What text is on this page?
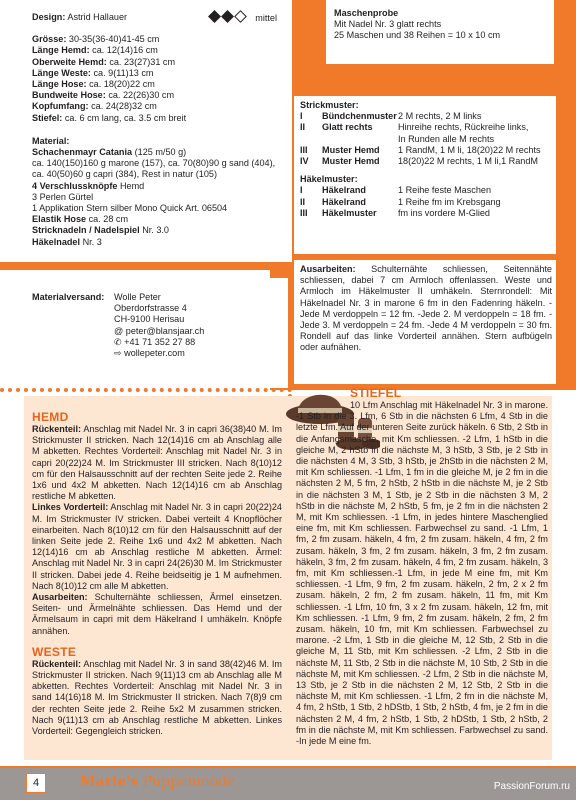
Design: Astrid Hallauer	mittel
Grösse: 30-35(36-40)41-45 cm
Länge Hemd: ca. 12(14)16 cm
Oberweite Hemd: ca. 23(27)31 cm
Länge Weste: ca. 9(11)13 cm
Länge Hose: ca. 18(20)22 cm
Bundweite Hose: ca. 22(26)30 cm
Kopfumfang: ca. 24(28)32 cm
Stiefel: ca. 6 cm lang, ca. 3.5 cm breit
Material:
Schachenmayr Catania (125 m/50 g)
ca. 140(150)160 g marone (157), ca. 70(80)90 g sand (404),
ca. 40(50)60 g capri (384), Rest in natur (105)
4 Verschlussknöpfe Hemd
3 Perlen Gürtel
1 Applikation Stern silber Mono Quick Art. 06504
Elastik Hose ca. 28 cm
Stricknadeln / Nadelspiel Nr. 3.0
Häkelnadel Nr. 3
Maschenprobe
Mit Nadel Nr. 3 glatt rechts
25 Maschen und 38 Reihen = 10 x 10 cm
Strickmuster:
I	Bündchenmuster	2 M rechts, 2 M links
II	Glatt rechts	Hinreihe rechts, Rückreihe links,
		In Runden alle M rechts
III	Muster Hemd	1 RandM, 1 M li, 18(20)22 M rechts
IV	Muster Hemd	18(20)22 M rechts, 1 M li,1 RandM
Häkelmuster:
I	Häkelrand	1 Reihe feste Maschen
II	Häkelrand	1 Reihe fm im Krebsgang
III	Häkelmuster	fm ins vordere M-Glied
Materialversand:	Wolle Peter
Oberdorfstrasse 4
CH-9100 Herisau
@ peter@blansjaar.ch
✆ +41 71 352 27 88
⇨ wollepeter.com

Ausarbeiten: Schulternähte schliessen, Seitennähte schliessen, dabei 7 cm Armloch offenlassen. Weste und Armloch im Häkelmuster II umhäkeln. Sternrondell: Mit Häkelnadel Nr. 3 in marone 6 fm in den Fadenring häkeln. -Jede M verdoppeln = 12 fm. -Jede 2. M verdoppeln = 18 fm. -Jede 3. M verdoppeln = 24 fm. -Jede 4 M verdoppeln = 30 fm. Rondell auf das linke Vorderteil annähen. Stern aufbügeln oder aufnähen.

HEMD

Rückenteil: Anschlag mit Nadel Nr. 3 in capri 36(38)40 M. Im Strickmuster II stricken. Nach 12(14)16 cm ab Anschlag alle M abketten. Rechtes Vorderteil: Anschlag mit Nadel Nr. 3 in capri 20(22)24 M. Im Strickmuster III stricken. Nach 8(10)12 cm für den Halsausschnitt auf der rechten Seite jede 2. Reihe 1x6 und 4x2 M abketten. Nach 12(14)16 cm ab Anschlag restliche M abketten.

Linkes Vorderteil: Anschlag mit Nadel Nr. 3 in capri 20(22)24 M. Im Strickmuster IV stricken. Dabei verteilt 4 Knopflöcher einarbeiten. Nach 8(10)12 cm für den Halsausschnitt auf der linken Seite jede 2. Reihe 1x6 und 4x2 M abketten. Nach 12(14)16 cm ab Anschlag restliche M abketten. Ärmel: Anschlag mit Nadel Nr. 3 in capri 24(26)30 M. Im Strickmuster II stricken. Dabei jede 4. Reihe beidseitig je 1 M aufnehmen. Nach 8(10)12 cm alle M abketten.

Ausarbeiten: Schulternähte schliessen, Ärmel einsetzen. Seiten- und Ärmelnähte schliessen. Das Hemd und der Ärmelsaum in capri mit dem Häkelrand I umhäkeln. Knöpfe annähen.

WESTE

Rückenteil: Anschlag mit Nadel Nr. 3 in sand 38(42)46 M. Im Strickmuster II stricken. Nach 9(11)13 cm ab Anschlag alle M abketten. Rechtes Vorderteil: Anschlag mit Nadel Nr. 3 in sand 14(16)18 M. Im Strickmuster II stricken. Nach 7(8)9 cm der rechten Seite jede 2. Reihe 5x2 M zusammen stricken. Nach 9(11)13 cm ab Anschlag restliche M abketten. Linkes Vorderteil: Gegengleich stricken.

STIEFEL

10 Lfm Anschlag mit Häkelnadel Nr. 3 in marone. -1 Stb in die 3. Lfm, 6 Stb in die nächsten 6 Lfm, 4 Stb in die letzte Lfm. Auf der unteren Seite zurück häkeln. 6 Stb, 2 Stb in die Anfangsmasche, mit Km schliessen. -2 Lfm, 1 hStb in die gleiche M, 2 hStb in die nächste M, 3 hStb, 3 Stb, je 2 Stb in die nächsten 4 M, 3 Stb, 3 hStb, je 2hStb in die nächsten 2 M, mit Km schliessen. -1 Lfm, 1 fm in die gleiche M, je 2 fm in die nächsten 2 M, 5 fm, 2 hStb, 2 hStb in die nächste M, je 2 Stb in die nächsten 3 M, 1 Stb, je 2 Stb in die nächsten 3 M, 2 hStb in die nächste M, 2 hStb, 5 fm, je 2 fm in die nächsten 2 M, mit Km schliessen. -1 Lfm, in jedes hintere Maschenglied eine fm, mit Km schliessen. Farbwechsel zu sand. -1 Lfm, 1 fm, 2 fm zusam. häkeln, 4 fm, 2 fm zusam. häkeln, 4 fm, 2 fm zusam. häkeln, 3 fm, 2 fm zusam. häkeln, 3 fm, 2 fm zusam. häkeln, 3 fm, 2 fm zusam. häkeln, 4 fm, 2 fm zusam. häkeln, 3 fm, mit Km schliessen.-1 Lfm, in jede M eine fm, mit Km schliessen. -1 Lfm, 9 fm, 2 fm zusam. häkeln, 2 fm, 2 x 2 fm zusam. häkeln, 2 fm, 2 fm zusam. häkeln, 11 fm, mit Km schliessen. -1 Lfm, 10 fm, 3 x 2 fm zusam. häkeln, 12 fm, mit Km schliessen. -1 Lfm, 9 fm, 2 fm zusam. häkeln, 2 fm, 2 fm zusam. häkeln, 10 fm, mit Km schliessen. Farbwechsel zu marone. -2 Lfm, 1 Stb in die gleiche M, 12 Stb, 2 Stb in die gleiche M, 11 Stb, mit Km schliessen. -2 Lfm, 2 Stb in die nächste M, 11 Stb, 2 Stb in die nächste M, 10 Stb, 2 Stb in die nächste M, mit Km schliessen. -2 Lfm, 2 Stb in die nächste M, 13 Stb, je 2 Stb in die nächsten 2 M, 12 Stb, 2 Stb in die nächste M, mit Km schliessen. -1 Lfm, 2 fm in die nächste M, 4 fm, 2 hStb, 1 Stb, 2 hDStb, 1 Stb, 2 hStb, 4 fm, je 2 fm in die nächsten 2 M, 4 fm, 2 hStb, 1 Stb, 2 hDStb, 1 Stb, 2 hStb, 2 fm in die nächste M, mit Km schliessen. Farbwechsel zu sand. -In jede M eine fm.

4	Marie's Puppenmode	PassionForum.ru
